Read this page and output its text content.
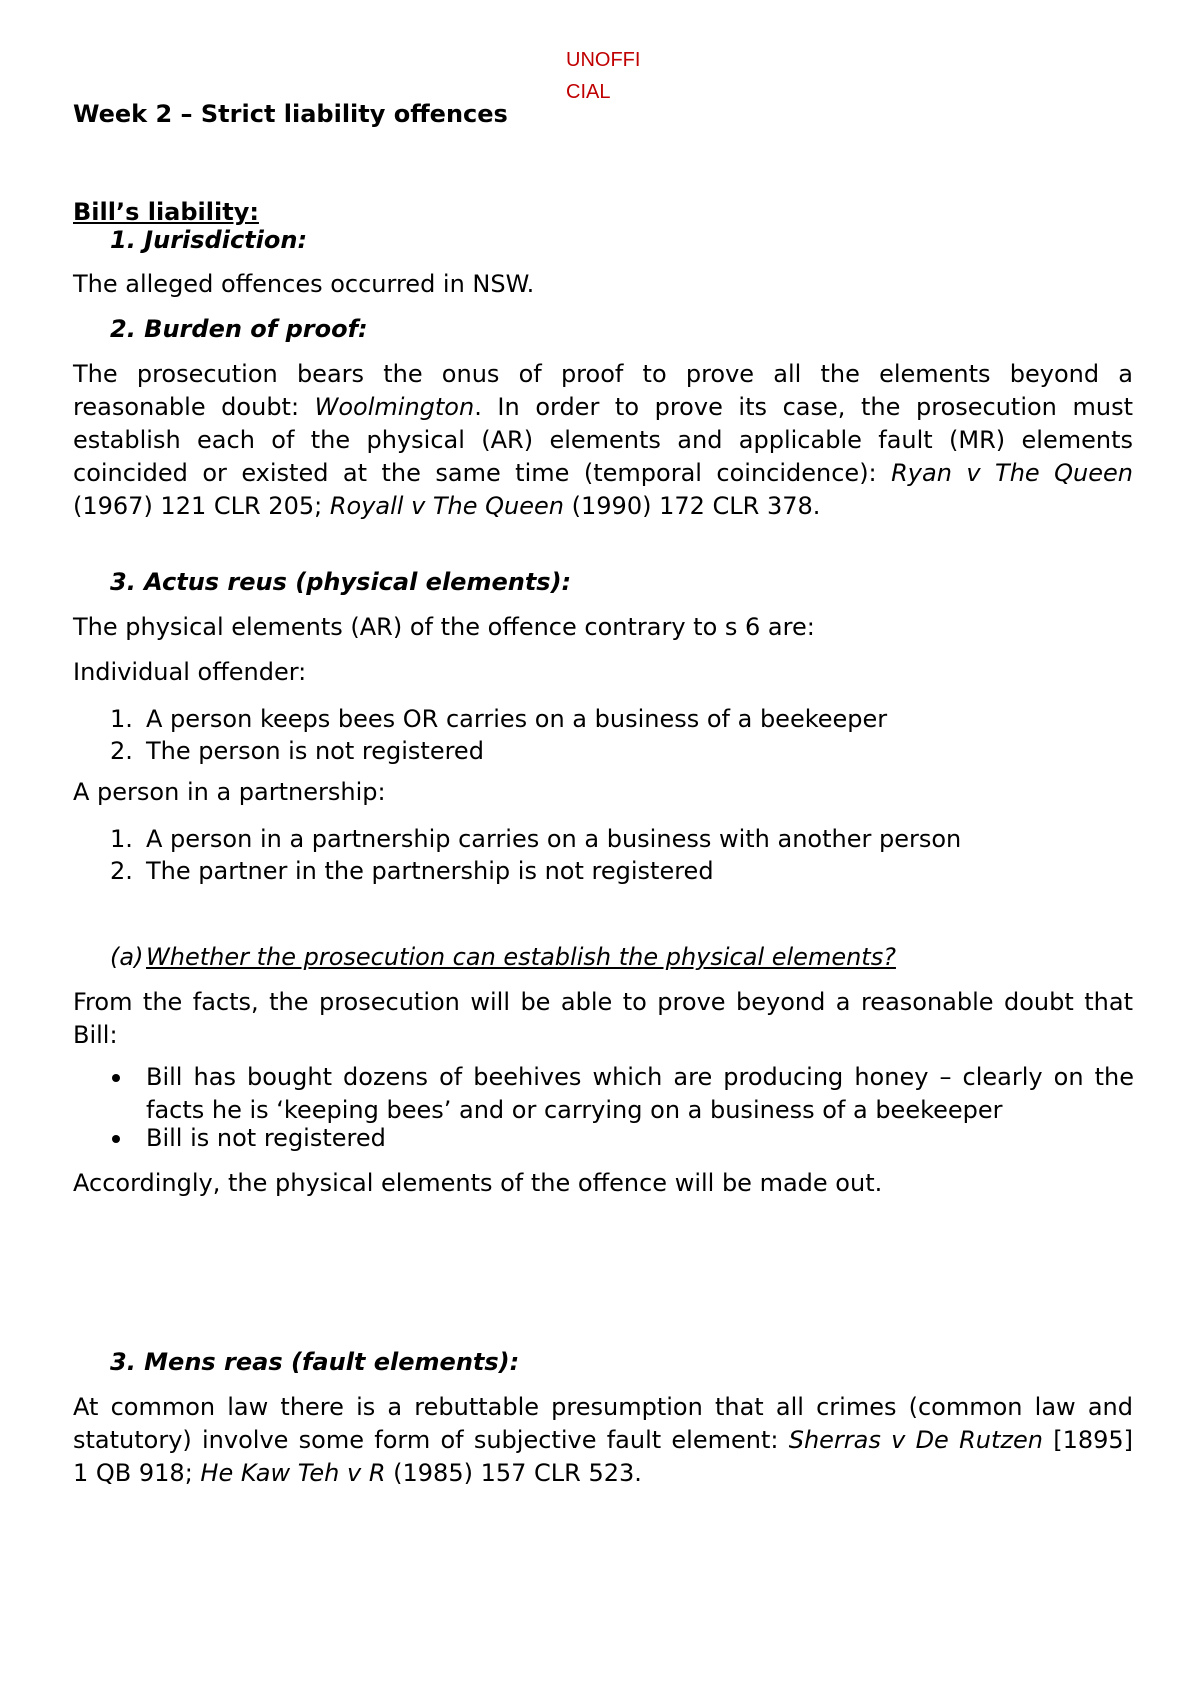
UNOFFICIAL

Week 2 – Strict liability offences

Bill’s liability:

1. Jurisdiction:

The alleged offences occurred in NSW.

2. Burden of proof:

The prosecution bears the onus of proof to prove all the elements beyond a
reasonable doubt: Woolmington. In order to prove its case, the prosecution must
establish each of the physical (AR) elements and applicable fault (MR) elements
coincided or existed at the same time (temporal coincidence): Ryan v The Queen
(1967) 121 CLR 205; Royall v The Queen (1990) 172 CLR 378.

3. Actus reus (physical elements):

The physical elements (AR) of the offence contrary to s 6 are:

Individual offender:

1. A person keeps bees OR carries on a business of a beekeeper
2. The person is not registered

A person in a partnership:

1. A person in a partnership carries on a business with another person
2. The partner in the partnership is not registered
(a) Whether the prosecution can establish the physical elements?
From the facts, the prosecution will be able to prove beyond a reasonable doubt that
Bill:
Bill has bought dozens of beehives which are producing honey – clearly on the facts he is ‘keeping bees’ and or carrying on a business of a beekeeper
Bill is not registered

Accordingly, the physical elements of the offence will be made out.

3. Mens reas (fault elements):

At common law there is a rebuttable presumption that all crimes (common law and
statutory) involve some form of subjective fault element: Sherras v De Rutzen [1895]
1 QB 918; He Kaw Teh v R (1985) 157 CLR 523.
